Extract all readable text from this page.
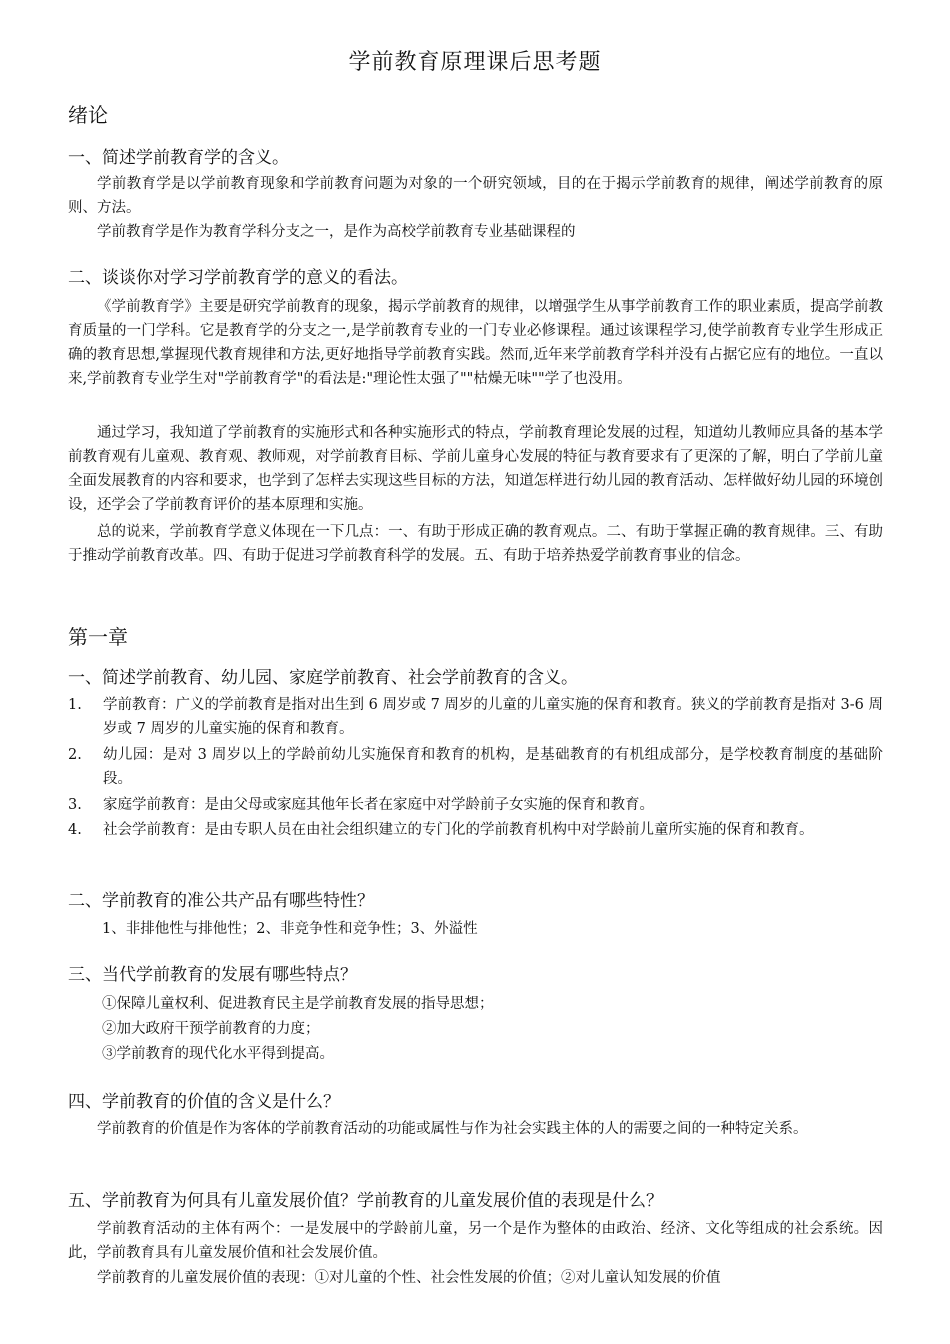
学前教育原理课后思考题
绪论
一、简述学前教育学的含义。

学前教育学是以学前教育现象和学前教育问题为对象的一个研究领域，目的在于揭示学前教育的规律，阐述学前教育的原则、方法。

学前教育学是作为教育学科分支之一，是作为高校学前教育专业基础课程的

二、谈谈你对学习学前教育学的意义的看法。

《学前教育学》主要是研究学前教育的现象，揭示学前教育的规律，以增强学生从事学前教育工作的职业素质，提高学前教育质量的一门学科。它是教育学的分支之一,是学前教育专业的一门专业必修课程。通过该课程学习,使学前教育专业学生形成正确的教育思想,掌握现代教育规律和方法,更好地指导学前教育实践。然而,近年来学前教育学科并没有占据它应有的地位。一直以来,学前教育专业学生对"学前教育学"的看法是:"理论性太强了""枯燥无味""学了也没用。

通过学习，我知道了学前教育的实施形式和各种实施形式的特点，学前教育理论发展的过程，知道幼儿教师应具备的基本学前教育观有儿童观、教育观、教师观，对学前教育目标、学前儿童身心发展的特征与教育要求有了更深的了解，明白了学前儿童全面发展教育的内容和要求，也学到了怎样去实现这些目标的方法，知道怎样进行幼儿园的教育活动、怎样做好幼儿园的环境创设，还学会了学前教育评价的基本原理和实施。

总的说来，学前教育学意义体现在一下几点：一、有助于形成正确的教育观点。二、有助于掌握正确的教育规律。三、有助于推动学前教育改革。四、有助于促进习学前教育科学的发展。五、有助于培养热爱学前教育事业的信念。

第一章
一、简述学前教育、幼儿园、家庭学前教育、社会学前教育的含义。
1. 学前教育：广义的学前教育是指对出生到 6 周岁或 7 周岁的儿童的儿童实施的保育和教育。狭义的学前教育是指对 3-6 周岁或 7 周岁的儿童实施的保育和教育。
2. 幼儿园：是对 3 周岁以上的学龄前幼儿实施保育和教育的机构，是基础教育的有机组成部分，是学校教育制度的基础阶段。
3. 家庭学前教育：是由父母或家庭其他年长者在家庭中对学龄前子女实施的保育和教育。
4. 社会学前教育：是由专职人员在由社会组织建立的专门化的学前教育机构中对学龄前儿童所实施的保育和教育。
二、学前教育的准公共产品有哪些特性？
1、非排他性与排他性；2、非竞争性和竞争性；3、外溢性
三、当代学前教育的发展有哪些特点？
①保障儿童权利、促进教育民主是学前教育发展的指导思想；
②加大政府干预学前教育的力度；
③学前教育的现代化水平得到提高。
四、学前教育的价值的含义是什么？

学前教育的价值是作为客体的学前教育活动的功能或属性与作为社会实践主体的人的需要之间的一种特定关系。

五、学前教育为何具有儿童发展价值？学前教育的儿童发展价值的表现是什么？

学前教育活动的主体有两个：一是发展中的学龄前儿童，另一个是作为整体的由政治、经济、文化等组成的社会系统。因此，学前教育具有儿童发展价值和社会发展价值。

学前教育的儿童发展价值的表现：①对儿童的个性、社会性发展的价值；②对儿童认知发展的价值
